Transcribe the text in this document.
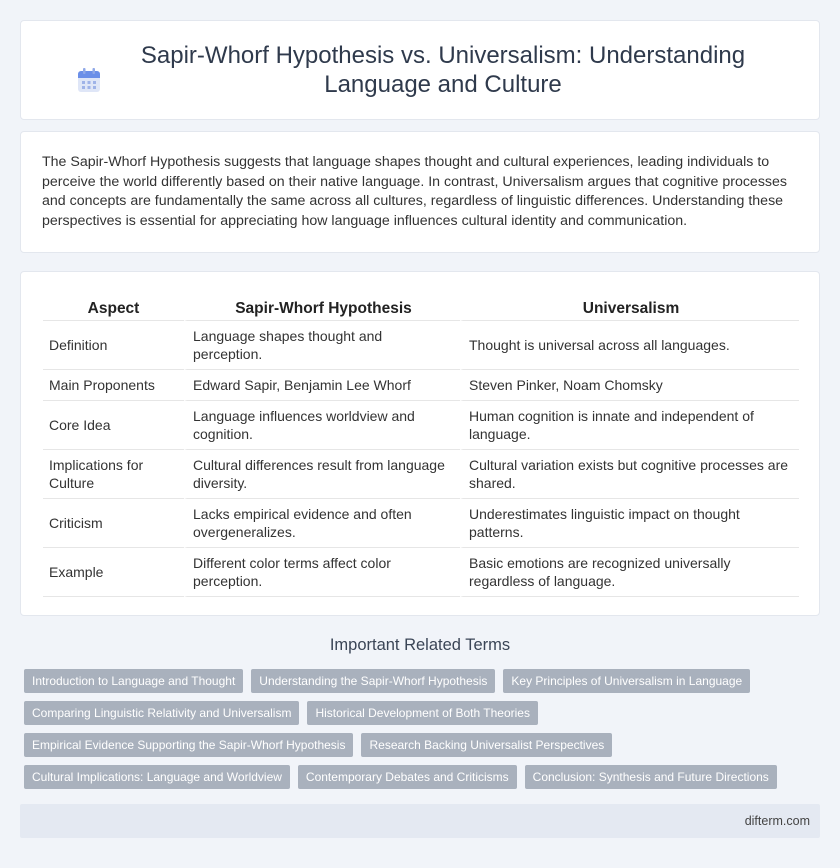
Sapir-Whorf Hypothesis vs. Universalism: Understanding Language and Culture

The Sapir-Whorf Hypothesis suggests that language shapes thought and cultural experiences, leading individuals to perceive the world differently based on their native language. In contrast, Universalism argues that cognitive processes and concepts are fundamentally the same across all cultures, regardless of linguistic differences. Understanding these perspectives is essential for appreciating how language influences cultural identity and communication.

Aspect	Sapir-Whorf Hypothesis	Universalism
Definition	Language shapes thought and perception.	Thought is universal across all languages.
Main Proponents	Edward Sapir, Benjamin Lee Whorf	Steven Pinker, Noam Chomsky
Core Idea	Language influences worldview and cognition.	Human cognition is innate and independent of language.
Implications for Culture	Cultural differences result from language diversity.	Cultural variation exists but cognitive processes are shared.
Criticism	Lacks empirical evidence and often overgeneralizes.	Underestimates linguistic impact on thought patterns.
Example	Different color terms affect color perception.	Basic emotions are recognized universally regardless of language.
Important Related Terms
Introduction to Language and Thought	Understanding the Sapir-Whorf Hypothesis	Key Principles of Universalism in Language
Comparing Linguistic Relativity and Universalism	Historical Development of Both Theories
Empirical Evidence Supporting the Sapir-Whorf Hypothesis	Research Backing Universalist Perspectives
Cultural Implications: Language and Worldview	Contemporary Debates and Criticisms	Conclusion: Synthesis and Future Directions
difterm.com
